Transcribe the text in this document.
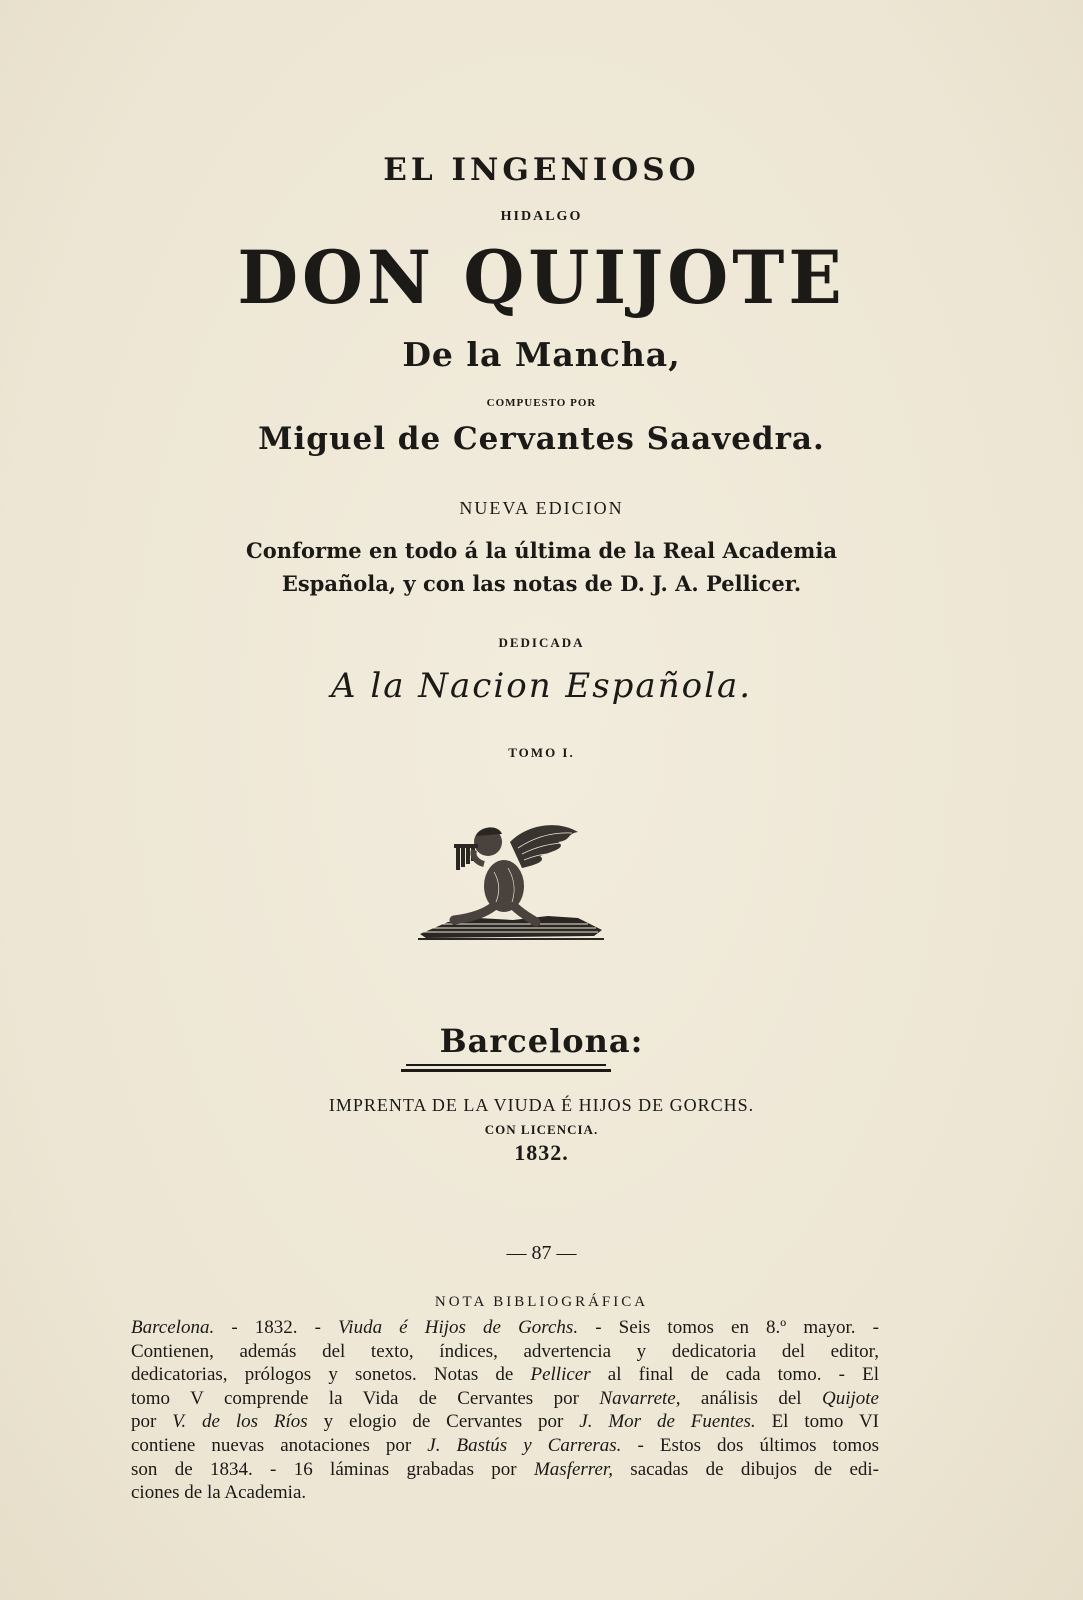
EL INGENIOSO
HIDALGO
DON QUIJOTE
De la Mancha,
COMPUESTO POR
Miguel de Cervantes Saavedra.
NUEVA EDICION
Conforme en todo á la última de la Real Academia
Española, y con las notas de D. J. A. Pellicer.
DEDICADA
A la Nacion Española.
TOMO I.
Barcelona:
IMPRENTA DE LA VIUDA É HIJOS DE GORCHS.
CON LICENCIA.
1832.
— 87 —
NOTA BIBLIOGRÁFICA
Barcelona. - 1832. - Viuda é Hijos de Gorchs. - Seis tomos en 8.º mayor. -
Contienen, además del texto, índices, advertencia y dedicatoria del editor,
dedicatorias, prólogos y sonetos. Notas de Pellicer al final de cada tomo. - El
tomo V comprende la Vida de Cervantes por Navarrete, análisis del Quijote
por V. de los Ríos y elogio de Cervantes por J. Mor de Fuentes. El tomo VI
contiene nuevas anotaciones por J. Bastús y Carreras. - Estos dos últimos tomos
son de 1834. - 16 láminas grabadas por Masferrer, sacadas de dibujos de edi-
ciones de la Academia.
